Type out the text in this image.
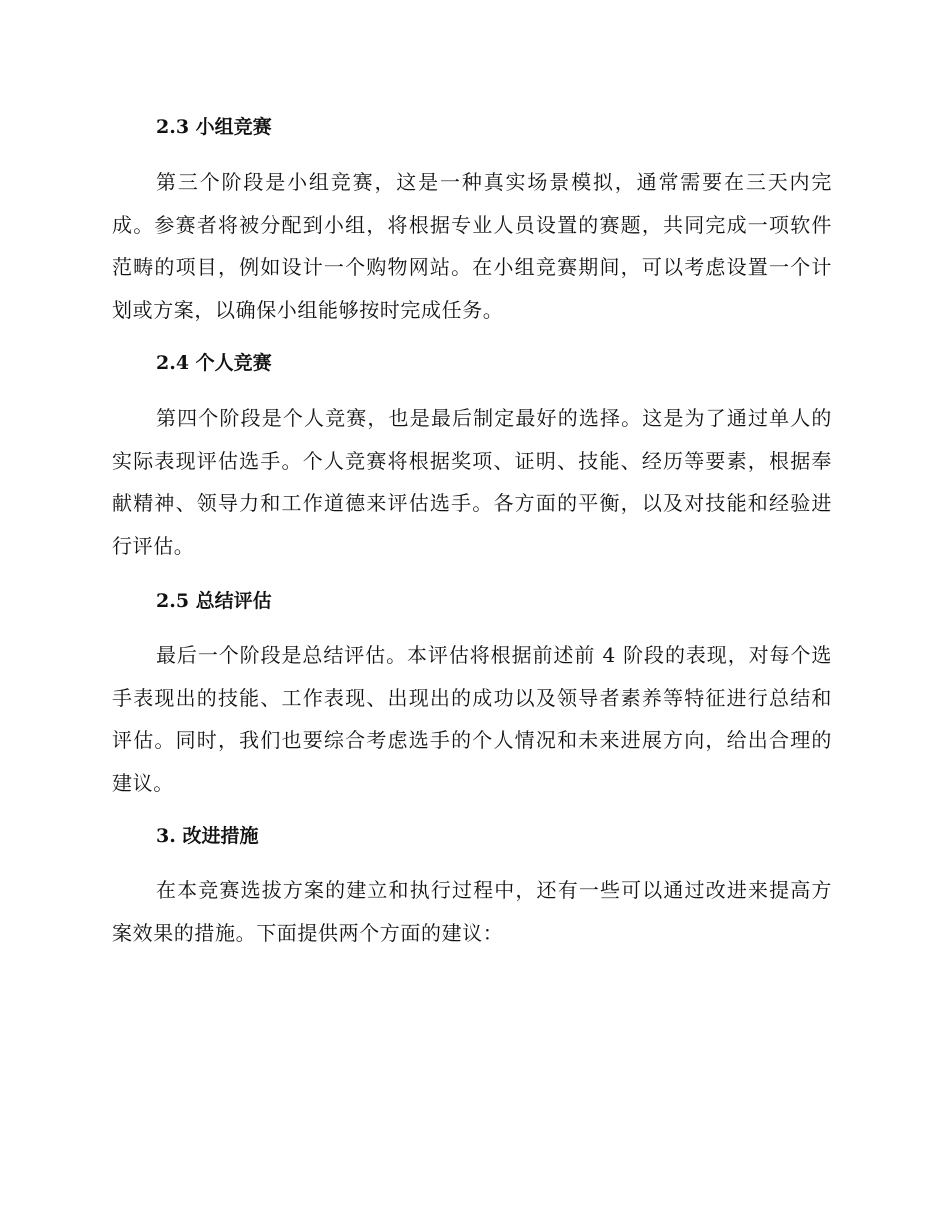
2.3 小组竞赛

第三个阶段是小组竞赛，这是一种真实场景模拟，通常需要在三天内完成。参赛者将被分配到小组，将根据专业人员设置的赛题，共同完成一项软件范畴的项目，例如设计一个购物网站。在小组竞赛期间，可以考虑设置一个计划或方案，以确保小组能够按时完成任务。

2.4 个人竞赛

第四个阶段是个人竞赛，也是最后制定最好的选择。这是为了通过单人的实际表现评估选手。个人竞赛将根据奖项、证明、技能、经历等要素，根据奉献精神、领导力和工作道德来评估选手。各方面的平衡，以及对技能和经验进行评估。

2.5 总结评估

最后一个阶段是总结评估。本评估将根据前述前 4 阶段的表现，对每个选手表现出的技能、工作表现、出现出的成功以及领导者素养等特征进行总结和评估。同时，我们也要综合考虑选手的个人情况和未来进展方向，给出合理的建议。

3. 改进措施

在本竞赛选拔方案的建立和执行过程中，还有一些可以通过改进来提高方案效果的措施。下面提供两个方面的建议：
